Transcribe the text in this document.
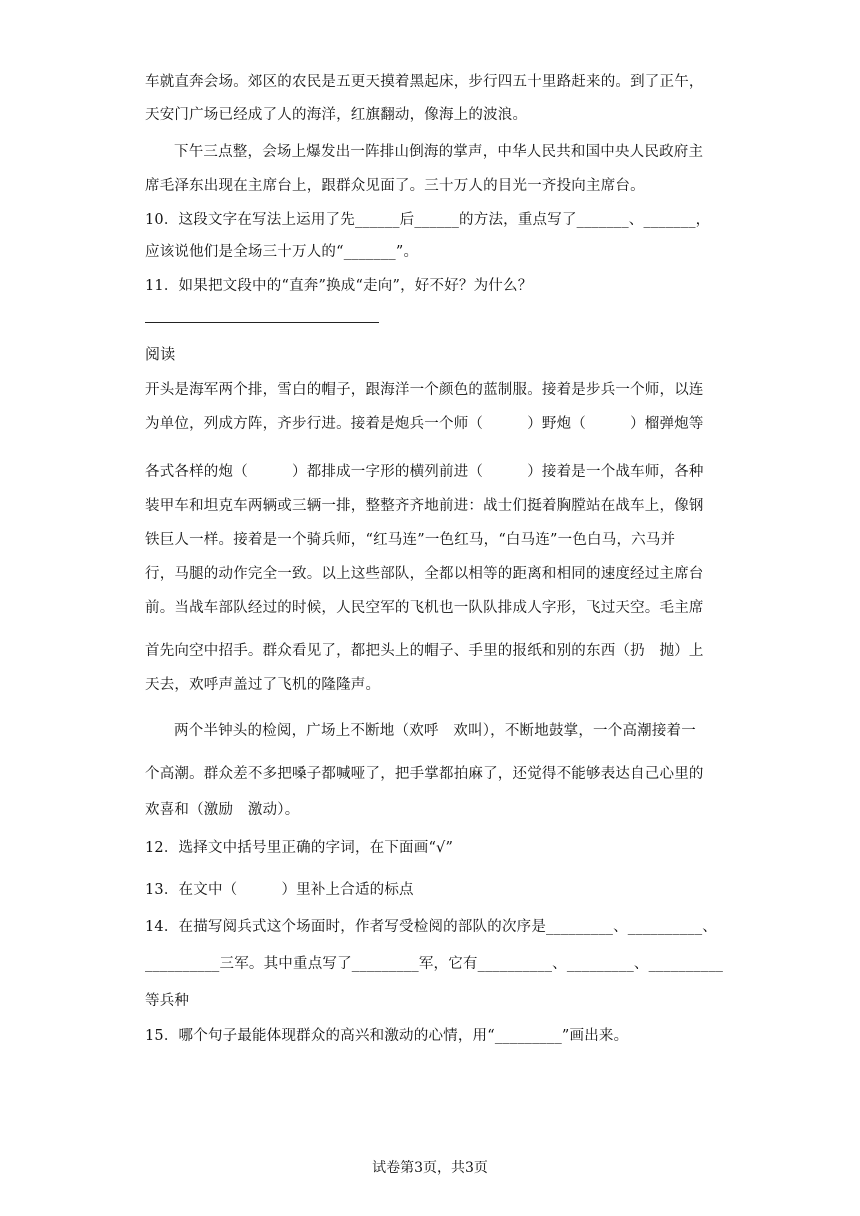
车就直奔会场。郊区的农民是五更天摸着黑起床，步行四五十里路赶来的。到了正午，
天安门广场已经成了人的海洋，红旗翻动，像海上的波浪。
下午三点整，会场上爆发出一阵排山倒海的掌声，中华人民共和国中央人民政府主
席毛泽东出现在主席台上，跟群众见面了。三十万人的目光一齐投向主席台。
10．这段文字在写法上运用了先______后______的方法，重点写了_______、_______，
应该说他们是全场三十万人的“_______”。
11．如果把文段中的“直奔”换成“走向”，好不好？为什么？
阅读
开头是海军两个排，雪白的帽子，跟海洋一个颜色的蓝制服。接着是步兵一个师，以连
为单位，列成方阵，齐步行进。接着是炮兵一个师（　　　）野炮（　　　）榴弹炮等
各式各样的炮（　　　）都排成一字形的横列前进（　　　）接着是一个战车师，各种
装甲车和坦克车两辆或三辆一排，整整齐齐地前进：战士们挺着胸膛站在战车上，像钢
铁巨人一样。接着是一个骑兵师，“红马连”一色红马，“白马连”一色白马，六马并
行，马腿的动作完全一致。以上这些部队，全都以相等的距离和相同的速度经过主席台
前。当战车部队经过的时候，人民空军的飞机也一队队排成人字形，飞过天空。毛主席
首先向空中招手。群众看见了，都把头上的帽子、手里的报纸和别的东西（扔　抛）上
天去，欢呼声盖过了飞机的隆隆声。
两个半钟头的检阅，广场上不断地（欢呼　欢叫），不断地鼓掌，一个高潮接着一
个高潮。群众差不多把嗓子都喊哑了，把手掌都拍麻了，还觉得不能够表达自己心里的
欢喜和（激励　激动）。
12．选择文中括号里正确的字词，在下面画“√”
13．在文中（　　　）里补上合适的标点
14．在描写阅兵式这个场面时，作者写受检阅的部队的次序是_________、__________、
__________三军。其中重点写了_________军，它有__________、_________、__________
等兵种
15．哪个句子最能体现群众的高兴和激动的心情，用“_________”画出来。
试卷第3页，共3页
